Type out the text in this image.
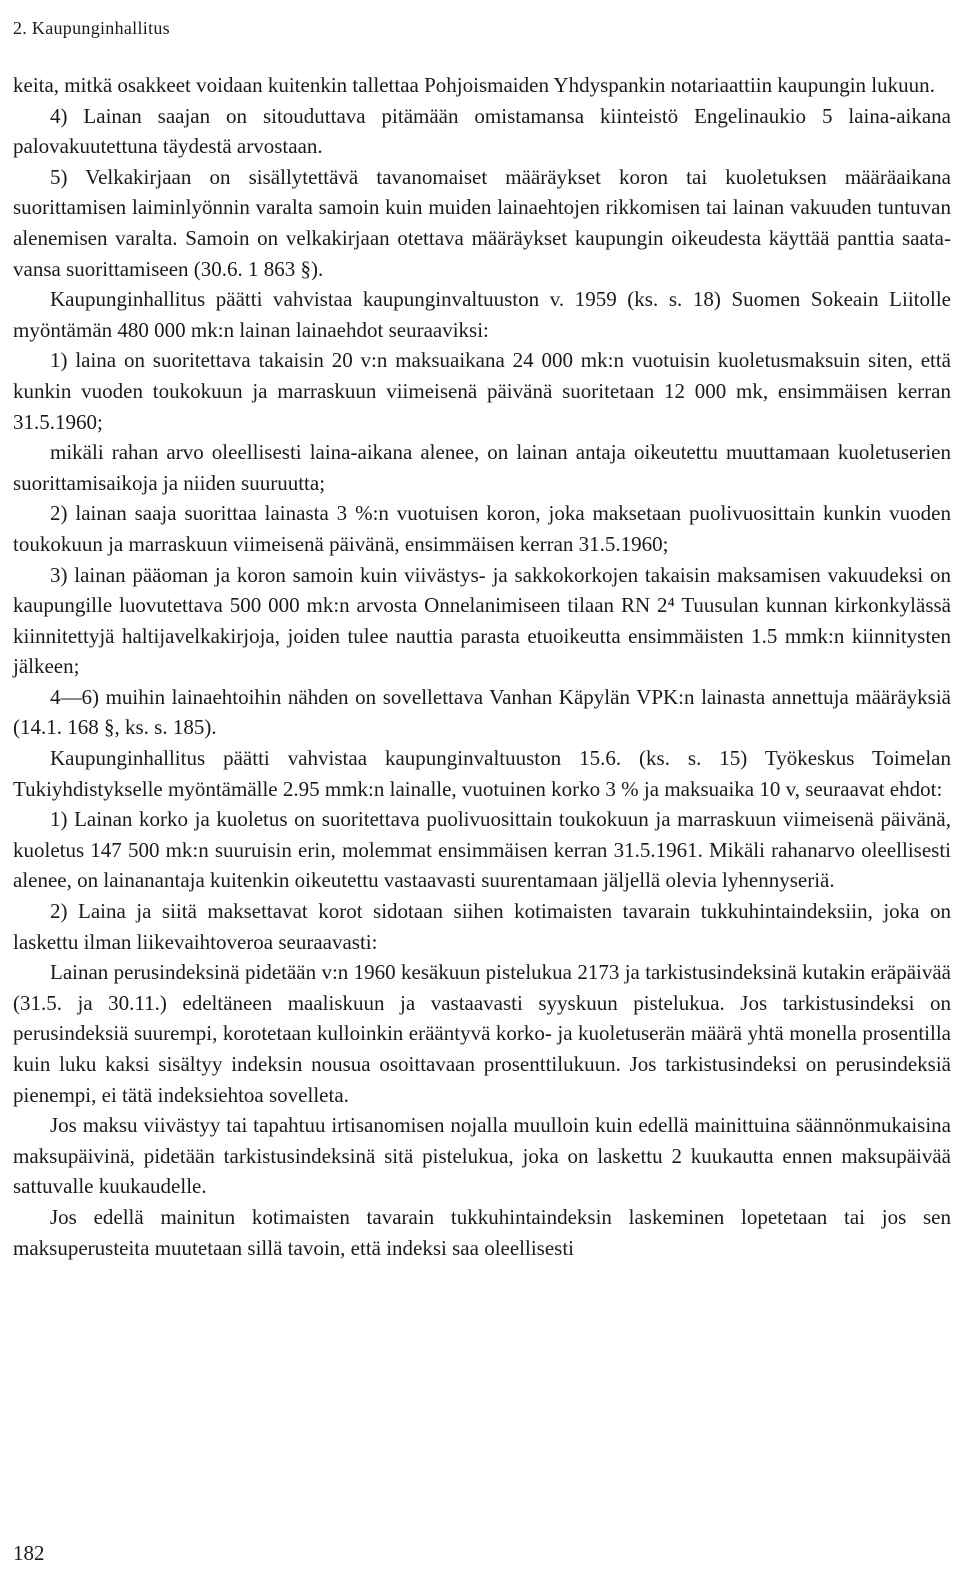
2. Kaupunginhallitus

keita, mitkä osakkeet voidaan kuitenkin tallettaa Pohjoismaiden Yhdyspankin notariaattiin kaupungin lukuun.

4) Lainan saajan on sitouduttava pitämään omistamansa kiinteistö Engelinaukio 5 laina-aikana palovakuutettuna täydestä arvostaan.

5) Velkakirjaan on sisällytettävä tavanomaiset määräykset koron tai kuoletuksen määräaikana suorittamisen laiminlyönnin varalta samoin kuin muiden lainaehtojen rikkomisen tai lainan vakuuden tuntuvan alenemisen varalta. Samoin on velkakirjaan otettava määräykset kaupungin oikeudesta käyttää panttia saatavansa suorittamiseen (30.6. 1 863 §).

Kaupunginhallitus päätti vahvistaa kaupunginvaltuuston v. 1959 (ks. s. 18) Suomen Sokeain Liitolle myöntämän 480 000 mk:n lainan lainaehdot seuraaviksi:

1) laina on suoritettava takaisin 20 v:n maksuaikana 24 000 mk:n vuotuisin kuoletusmaksuin siten, että kunkin vuoden toukokuun ja marraskuun viimeisenä päivänä suoritetaan 12 000 mk, ensimmäisen kerran 31.5.1960;

mikäli rahan arvo oleellisesti laina-aikana alenee, on lainan antaja oikeutettu muuttamaan kuoletuserien suorittamisaikoja ja niiden suuruutta;

2) lainan saaja suorittaa lainasta 3 %:n vuotuisen koron, joka maksetaan puolivuosittain kunkin vuoden toukokuun ja marraskuun viimeisenä päivänä, ensimmäisen kerran 31.5.1960;

3) lainan pääoman ja koron samoin kuin viivästys- ja sakkokorkojen takaisin maksamisen vakuudeksi on kaupungille luovutettava 500 000 mk:n arvosta Onnelanimiseen tilaan RN 2⁴ Tuusulan kunnan kirkonkylässä kiinnitettyjä haltijavelkakirjoja, joiden tulee nauttia parasta etuoikeutta ensimmäisten 1.5 mmk:n kiinnitysten jälkeen;

4—6) muihin lainaehtoihin nähden on sovellettava Vanhan Käpylän VPK:n lainasta annettuja määräyksiä (14.1. 168 §, ks. s. 185).

Kaupunginhallitus päätti vahvistaa kaupunginvaltuuston 15.6. (ks. s. 15) Työkeskus Toimelan Tukiyhdistykselle myöntämälle 2.95 mmk:n lainalle, vuotuinen korko 3 % ja maksuaika 10 v, seuraavat ehdot:

1) Lainan korko ja kuoletus on suoritettava puolivuosittain toukokuun ja marraskuun viimeisenä päivänä, kuoletus 147 500 mk:n suuruisin erin, molemmat ensimmäisen kerran 31.5.1961. Mikäli rahanarvo oleellisesti alenee, on lainanantaja kuitenkin oikeutettu vastaavasti suurentamaan jäljellä olevia lyhennyseriä.

2) Laina ja siitä maksettavat korot sidotaan siihen kotimaisten tavarain tukkuhintaindeksiin, joka on laskettu ilman liikevaihtoveroa seuraavasti:

Lainan perusindeksinä pidetään v:n 1960 kesäkuun pistelukua 2173 ja tarkistusindeksinä kutakin eräpäivää (31.5. ja 30.11.) edeltäneen maaliskuun ja vastaavasti syyskuun pistelukua. Jos tarkistusindeksi on perusindeksiä suurempi, korotetaan kulloinkin erääntyvä korko- ja kuoletuserän määrä yhtä monella prosentilla kuin luku kaksi sisältyy indeksin nousua osoittavaan prosenttilukuun. Jos tarkistusindeksi on perusindeksiä pienempi, ei tätä indeksiehtoa sovelleta.

Jos maksu viivästyy tai tapahtuu irtisanomisen nojalla muulloin kuin edellä mainittuina säännönmukaisina maksupäivinä, pidetään tarkistusindeksinä sitä pistelukua, joka on laskettu 2 kuukautta ennen maksupäivää sattuvalle kuukaudelle.

Jos edellä mainitun kotimaisten tavarain tukkuhintaindeksin laskeminen lopetetaan tai jos sen maksuperusteita muutetaan sillä tavoin, että indeksi saa oleellisesti

182
